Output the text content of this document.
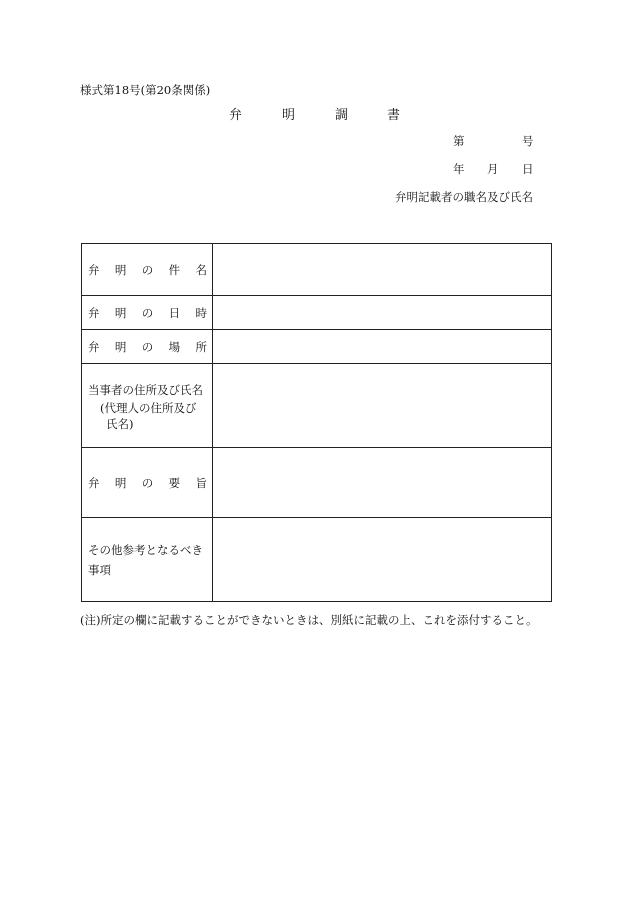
様式第18号(第20条関係)
弁	明	調	書
第	号
年 月 日
弁明記載者の職名及び氏名
弁 明 の 件 名	

弁 明 の 日 時	

弁 明 の 場 所	

当事者の住所及び氏名
(代理人の住所及び
氏名)	

弁 明 の 要 旨	

その他参考となるべき
事項	

(注)所定の欄に記載することができないときは、別紙に記載の上、これを添付すること。
